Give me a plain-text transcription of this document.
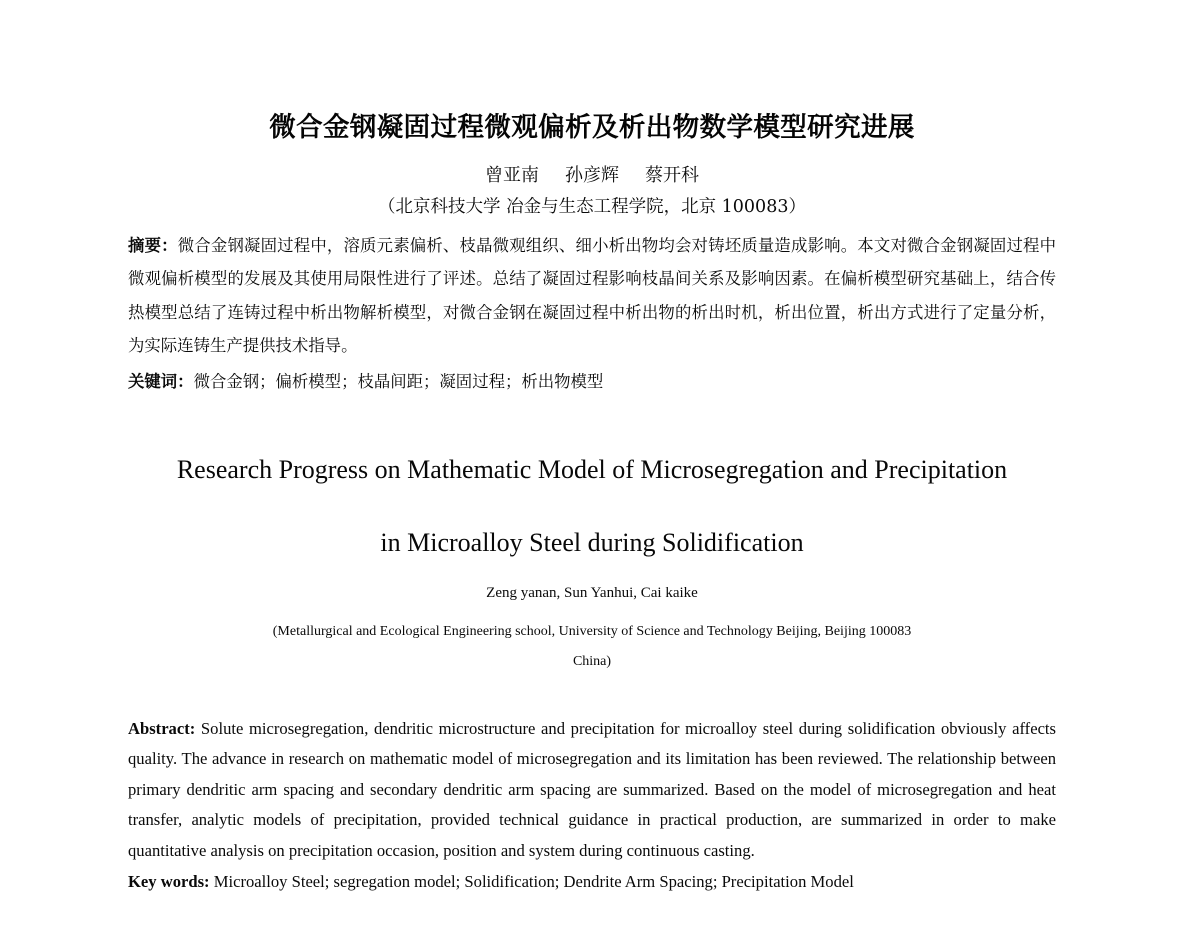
微合金钢凝固过程微观偏析及析出物数学模型研究进展
曾亚南 孙彦辉 蔡开科
（北京科技大学 冶金与生态工程学院，北京 100083）
摘要：微合金钢凝固过程中，溶质元素偏析、枝晶微观组织、细小析出物均会对铸坯质量造成影响。本文对微合金钢凝固过程中微观偏析模型的发展及其使用局限性进行了评述。总结了凝固过程影响枝晶间关系及影响因素。在偏析模型研究基础上，结合传热模型总结了连铸过程中析出物解析模型，对微合金钢在凝固过程中析出物的析出时机，析出位置，析出方式进行了定量分析，为实际连铸生产提供技术指导。
关键词：微合金钢；偏析模型；枝晶间距；凝固过程；析出物模型
Research Progress on Mathematic Model of Microsegregation and Precipitation
in Microalloy Steel during Solidification
Zeng yanan, Sun Yanhui, Cai kaike
(Metallurgical and Ecological Engineering school, University of Science and Technology Beijing, Beijing 100083
China)
Abstract: Solute microsegregation, dendritic microstructure and precipitation for microalloy steel during solidification obviously affects quality. The advance in research on mathematic model of microsegregation and its limitation has been reviewed. The relationship between primary dendritic arm spacing and secondary dendritic arm spacing are summarized. Based on the model of microsegregation and heat transfer, analytic models of precipitation, provided technical guidance in practical production, are summarized in order to make quantitative analysis on precipitation occasion, position and system during continuous casting.
Key words: Microalloy Steel; segregation model; Solidification; Dendrite Arm Spacing; Precipitation Model
